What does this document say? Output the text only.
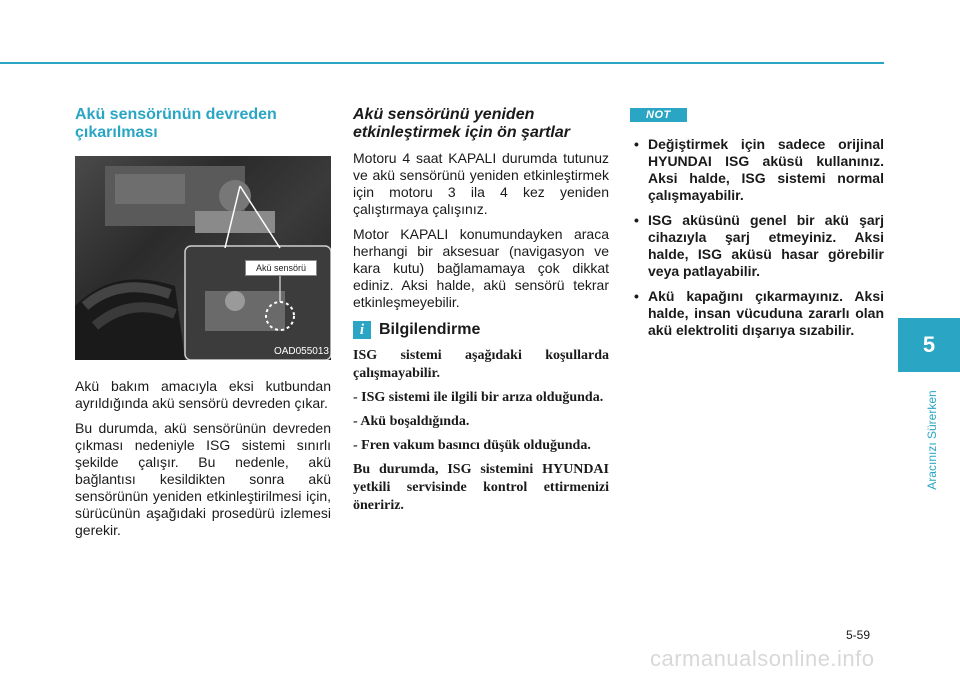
Akü sensörünün devreden çıkarılması
Akü sensörü
OAD055013

Akü bakım amacıyla eksi kutbundan ayrıldığında akü sensörü devreden çıkar.

Bu durumda, akü sensörünün devreden çıkması nedeniyle ISG sistemi sınırlı şekilde çalışır. Bu nedenle, akü bağlantısı kesildikten sonra akü sensörünün yeniden etkinleştirilmesi için, sürücünün aşağıdaki prosedürü izlemesi gerekir.

Akü sensörünü yeniden etkinleştirmek için ön şartlar

Motoru 4 saat KAPALI durumda tutunuz ve akü sensörünü yeniden etkinleştirmek için motoru 3 ila 4 kez yeniden çalıştırmaya çalışınız.

Motor KAPALI konumundayken araca herhangi bir aksesuar (navigasyon ve kara kutu) bağlamamaya çok dikkat ediniz. Aksi halde, akü sensörü tekrar etkinleşmeyebilir.

i Bilgilendirme

ISG sistemi aşağıdaki koşullarda çalışmayabilir.

- ISG sistemi ile ilgili bir arıza olduğunda.

- Akü boşaldığında.

- Fren vakum basıncı düşük olduğunda.

Bu durumda, ISG sistemini HYUNDAI yetkili servisinde kontrol ettirmenizi öneririz.

NOT
• Değiştirmek için sadece orijinal HYUNDAI ISG aküsü kullanınız. Aksi halde, ISG sistemi normal çalışmayabilir.
• ISG aküsünü genel bir akü şarj cihazıyla şarj etmeyiniz. Aksi halde, ISG aküsü hasar görebilir veya patlayabilir.
• Akü kapağını çıkarmayınız. Aksi halde, insan vücuduna zararlı olan akü elektroliti dışarıya sızabilir.
5
Aracınızı Sürerken
5-59
carmanualsonline.info
